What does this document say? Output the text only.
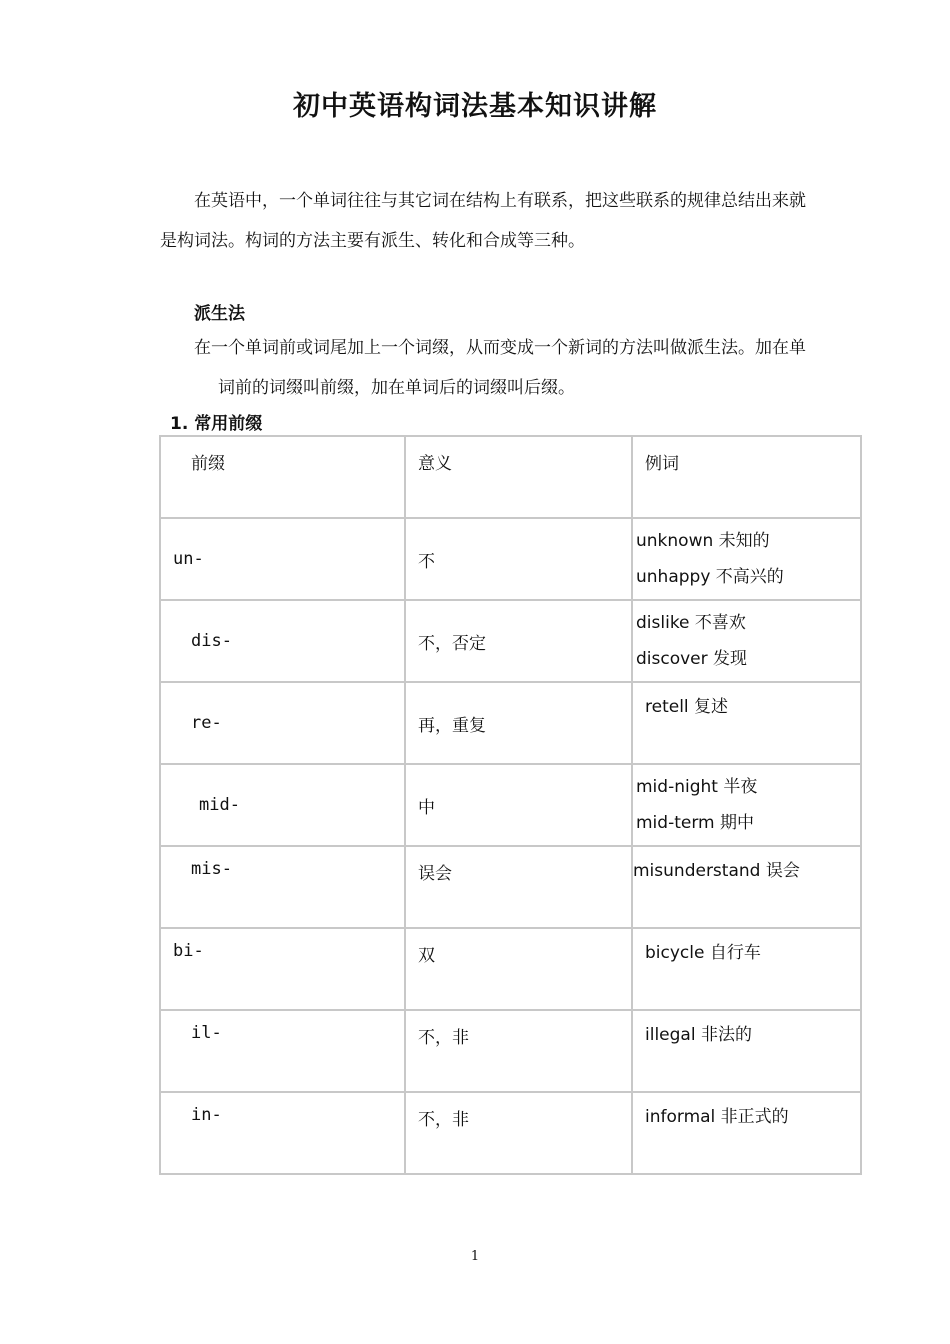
初中英语构词法基本知识讲解
在英语中，一个单词往往与其它词在结构上有联系，把这些联系的规律总结出来就是构词法。构词的方法主要有派生、转化和合成等三种。
派生法
在一个单词前或词尾加上一个词缀，从而变成一个新词的方法叫做派生法。加在单
词前的词缀叫前缀，加在单词后的词缀叫后缀。
1. 常用前缀
前缀	意义	例词

un-	不	unknown 未知的
unhappy 不高兴的

dis-	不，否定	dislike 不喜欢
discover 发现

re-	再，重复	retell 复述

mid-	中	mid-night 半夜
mid-term 期中

mis-	误会	misunderstand 误会

bi-	双	bicycle 自行车

il-	不，非	illegal 非法的

in-	不，非	informal 非正式的
1
